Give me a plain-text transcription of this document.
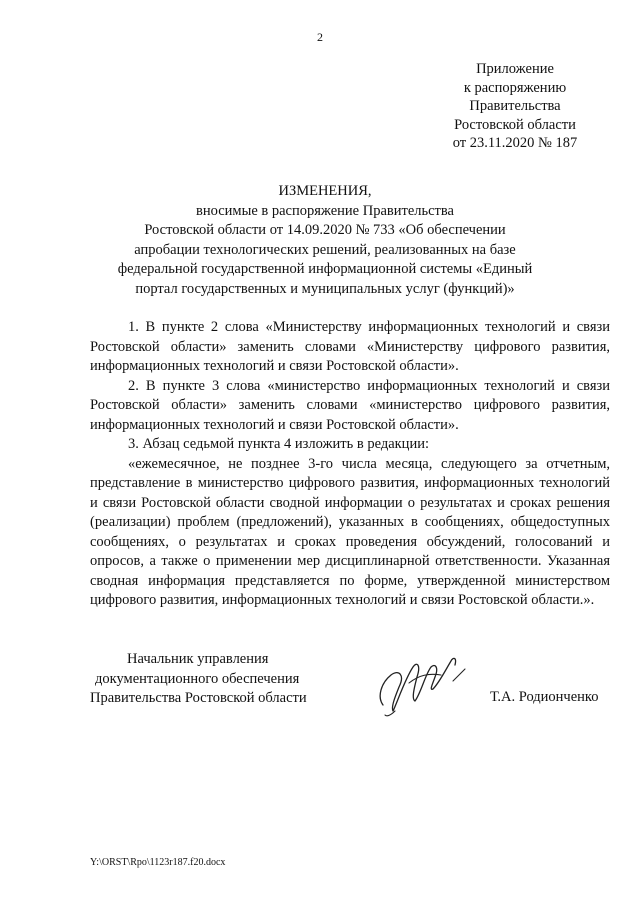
2
Приложение
к распоряжению
Правительства
Ростовской области
от 23.11.2020 № 187
ИЗМЕНЕНИЯ,
вносимые в распоряжение Правительства
Ростовской области от 14.09.2020 № 733 «Об обеспечении
апробации технологических решений, реализованных на базе
федеральной государственной информационной системы «Единый
портал государственных и муниципальных услуг (функций)»

1. В пункте 2 слова «Министерству информационных технологий и связи Ростовской области» заменить словами «Министерству цифрового развития, информационных технологий и связи Ростовской области».

2. В пункте 3 слова «министерство информационных технологий и связи Ростовской области» заменить словами «министерство цифрового развития, информационных технологий и связи Ростовской области».

3. Абзац седьмой пункта 4 изложить в редакции:

«ежемесячное, не позднее 3-го числа месяца, следующего за отчетным, представление в министерство цифрового развития, информационных технологий и связи Ростовской области сводной информации о результатах и сроках решения (реализации) проблем (предложений), указанных в сообщениях, общедоступных сообщениях, о результатах и сроках проведения обсуждений, голосований и опросов, а также о применении мер дисциплинарной ответственности. Указанная сводная информация представляется по форме, утвержденной министерством цифрового развития, информационных технологий и связи Ростовской области.».

Начальник управления
документационного обеспечения
Правительства Ростовской области	Т.А. Родионченко
Y:\ORST\Rpo\1123r187.f20.docx
